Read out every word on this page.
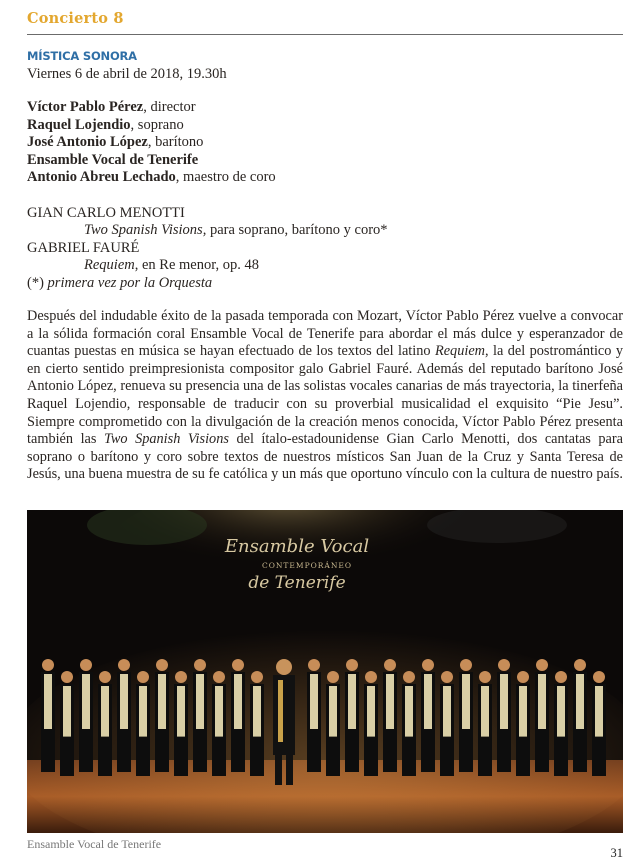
Concierto 8
MÍSTICA SONORA
Viernes 6 de abril de 2018, 19.30h
Víctor Pablo Pérez, director
Raquel Lojendio, soprano
José Antonio López, barítono
Ensamble Vocal de Tenerife
Antonio Abreu Lechado, maestro de coro
GIAN CARLO MENOTTI
Two Spanish Visions, para soprano, barítono y coro*
GABRIEL FAURÉ
Requiem, en Re menor, op. 48
(*) primera vez por la Orquesta
Después del indudable éxito de la pasada temporada con Mozart, Víctor Pablo Pérez vuelve a convocar a la sólida formación coral Ensamble Vocal de Tenerife para abordar el más dulce y esperanzador de cuantas puestas en música se hayan efectuado de los textos del latino Requiem, la del postromántico y en cierto sentido preimpresionista compositor galo Gabriel Fauré. Además del reputado barítono José Antonio López, renueva su presencia una de las solistas vocales canarias de más trayectoria, la tinerfeña Raquel Lojendio, responsable de traducir con su proverbial musicalidad el exquisito “Pie Jesu”. Siempre comprometido con la divulgación de la creación menos conocida, Víctor Pablo Pérez presenta también las Two Spanish Visions del ítalo-estadounidense Gian Carlo Menotti, dos cantatas para soprano o barítono y coro sobre textos de nuestros místicos San Juan de la Cruz y Santa Teresa de Jesús, una buena muestra de su fe católica y un más que oportuno vínculo con la cultura de nuestro país.
Ensamble Vocal
CONTEMPORÁNEO
de Tenerife
Ensamble Vocal de Tenerife
31
